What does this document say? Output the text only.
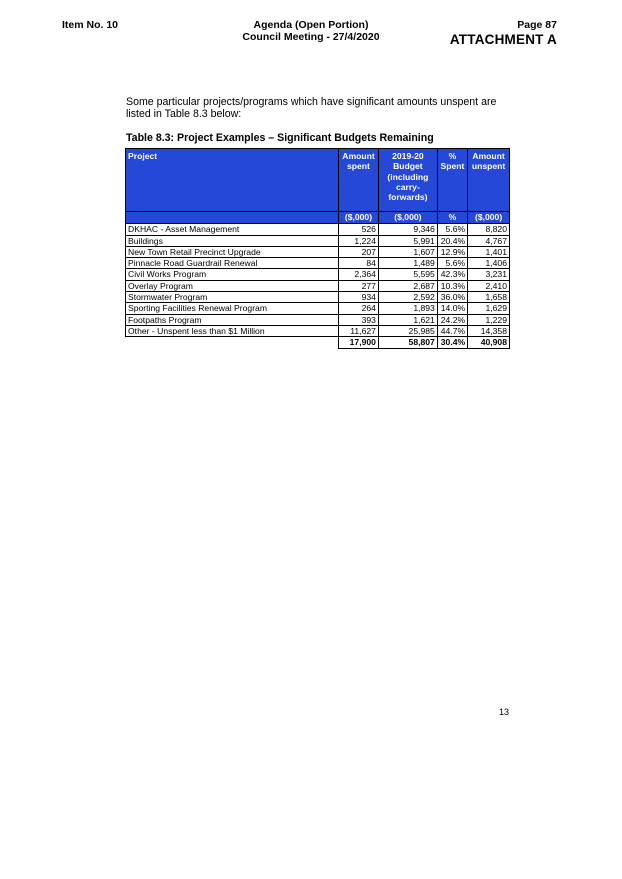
Item No. 10	Agenda (Open Portion)
Council Meeting - 27/4/2020
Page 87
ATTACHMENT A
Some particular projects/programs which have significant amounts unspent are listed in Table 8.3 below:
Table 8.3: Project Examples – Significant Budgets Remaining
Project	Amount spent	2019-20 Budget (including carry-forwards)	% Spent	Amount unspent
	($,000)	($,000)	%	($,000)
DKHAC - Asset Management	526	9,346	5.6%	8,820
Buildings	1,224	5,991	20.4%	4,767
New Town Retail Precinct Upgrade	207	1,607	12.9%	1,401
Pinnacle Road Guardrail Renewal	84	1,489	5.6%	1,406
Civil Works Program	2,364	5,595	42.3%	3,231
Overlay Program	277	2,687	10.3%	2,410
Stormwater Program	934	2,592	36.0%	1,658
Sporting Facilities Renewal Program	264	1,893	14.0%	1,629
Footpaths Program	393	1,621	24.2%	1,229
Other - Unspent less than $1 Million	11,627	25,985	44.7%	14,358
	17,900	58,807	30.4%	40,908
13
